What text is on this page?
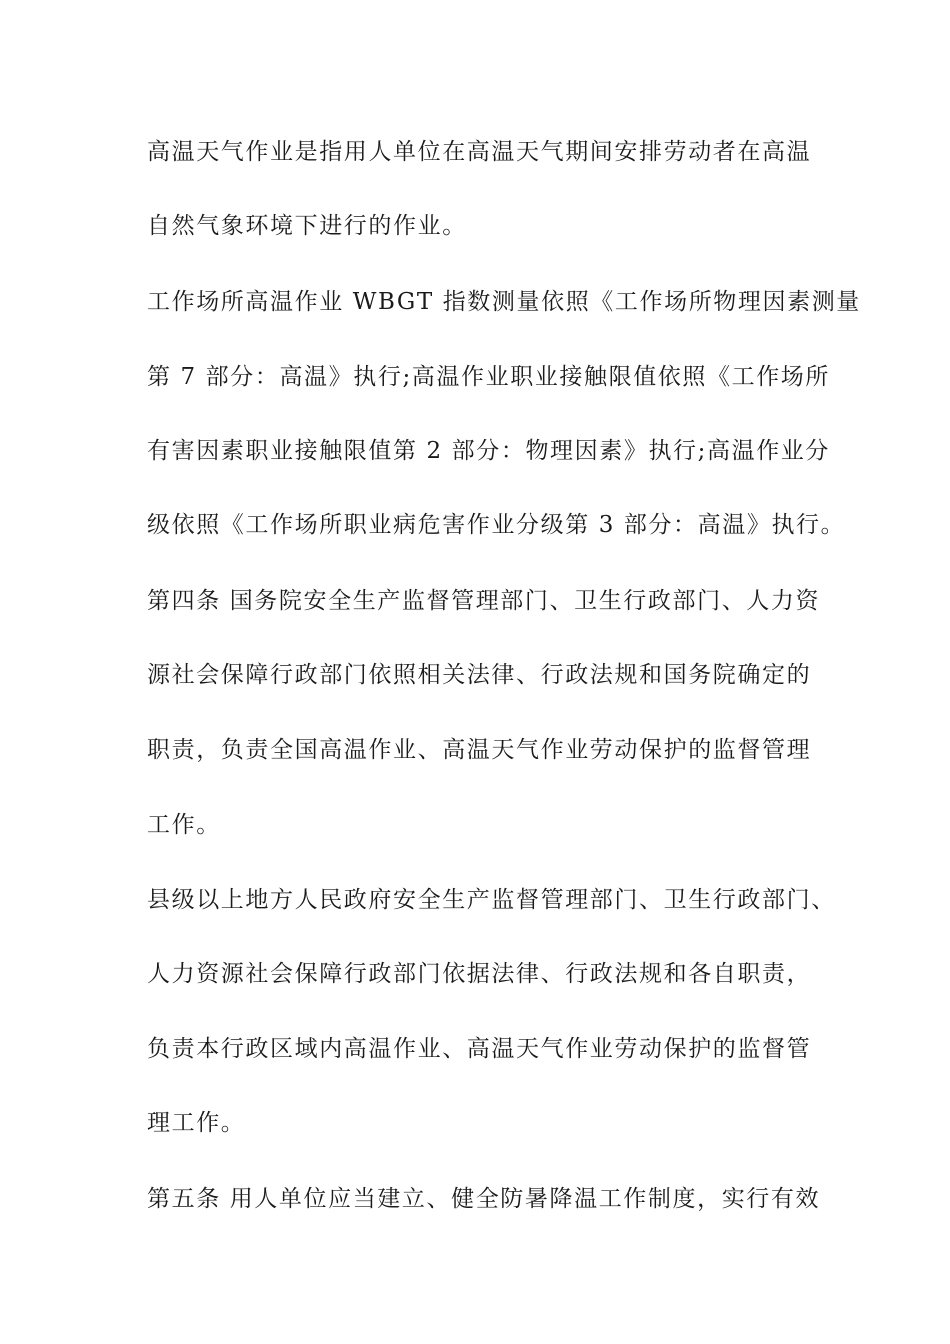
高温天气作业是指用人单位在高温天气期间安排劳动者在高温
自然气象环境下进行的作业。
工作场所高温作业 WBGT 指数测量依照《工作场所物理因素测量
第 7 部分：高温》执行;高温作业职业接触限值依照《工作场所
有害因素职业接触限值第 2 部分：物理因素》执行;高温作业分
级依照《工作场所职业病危害作业分级第 3 部分：高温》执行。
第四条 国务院安全生产监督管理部门、卫生行政部门、人力资
源社会保障行政部门依照相关法律、行政法规和国务院确定的
职责，负责全国高温作业、高温天气作业劳动保护的监督管理
工作。
县级以上地方人民政府安全生产监督管理部门、卫生行政部门、
人力资源社会保障行政部门依据法律、行政法规和各自职责，
负责本行政区域内高温作业、高温天气作业劳动保护的监督管
理工作。
第五条 用人单位应当建立、健全防暑降温工作制度，实行有效
